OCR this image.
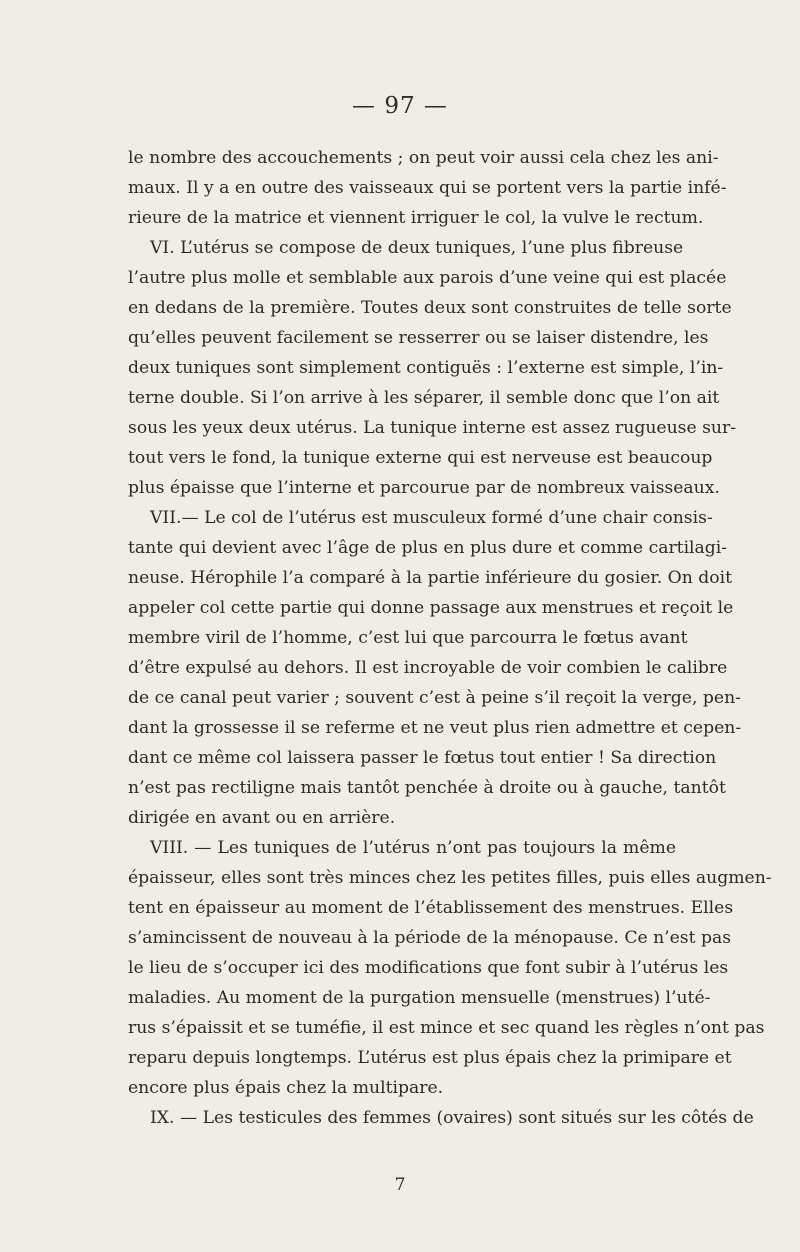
— 97 —
le nombre des accouchements ; on peut voir aussi cela chez les ani-
maux. Il y a en outre des vaisseaux qui se portent vers la partie infé-
rieure de la matrice et viennent irriguer le col, la vulve le rectum.
VI. L’utérus se compose de deux tuniques, l’une plus fibreuse
l’autre plus molle et semblable aux parois d’une veine qui est placée
en dedans de la première. Toutes deux sont construites de telle sorte
qu’elles peuvent facilement se resserrer ou se laiser distendre, les
deux tuniques sont simplement contiguës : l’externe est simple, l’in-
terne double. Si l’on arrive à les séparer, il semble donc que l’on ait
sous les yeux deux utérus. La tunique interne est assez rugueuse sur-
tout vers le fond, la tunique externe qui est nerveuse est beaucoup
plus épaisse que l’interne et parcourue par de nombreux vaisseaux.
VII.— Le col de l’utérus est musculeux formé d’une chair consis-
tante qui devient avec l’âge de plus en plus dure et comme cartilagi-
neuse. Hérophile l’a comparé à la partie inférieure du gosier. On doit
appeler col cette partie qui donne passage aux menstrues et reçoit le
membre viril de l’homme, c’est lui que parcourra le fœtus avant
d’être expulsé au dehors. Il est incroyable de voir combien le calibre
de ce canal peut varier ; souvent c’est à peine s’il reçoit la verge, pen-
dant la grossesse il se referme et ne veut plus rien admettre et cepen-
dant ce même col laissera passer le fœtus tout entier ! Sa direction
n’est pas rectiligne mais tantôt penchée à droite ou à gauche, tantôt
dirigée en avant ou en arrière.
VIII. — Les tuniques de l’utérus n’ont pas toujours la même
épaisseur, elles sont très minces chez les petites filles, puis elles augmen-
tent en épaisseur au moment de l’établissement des menstrues. Elles
s’amincissent de nouveau à la période de la ménopause. Ce n’est pas
le lieu de s’occuper ici des modifications que font subir à l’utérus les
maladies. Au moment de la purgation mensuelle (menstrues) l’uté-
rus s’épaissit et se tuméfie, il est mince et sec quand les règles n’ont pas
reparu depuis longtemps. L’utérus est plus épais chez la primipare et
encore plus épais chez la multipare.
IX. — Les testicules des femmes (ovaires) sont situés sur les côtés de
7
